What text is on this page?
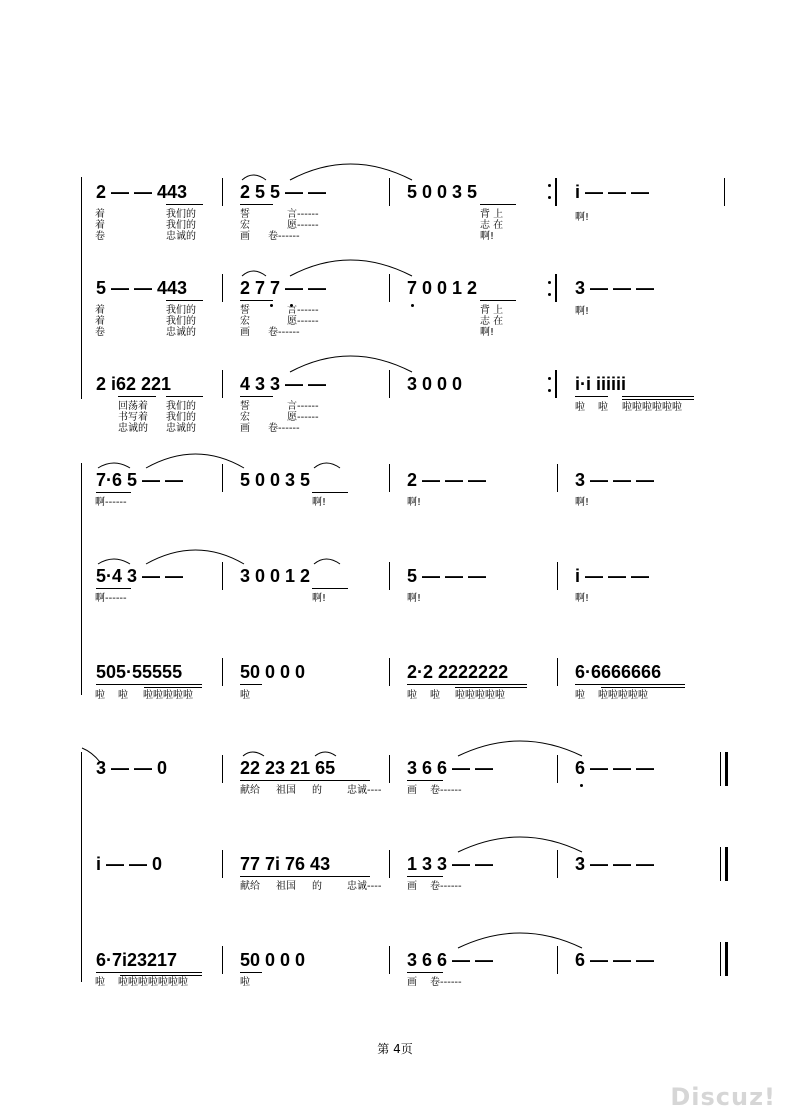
2 — — 443	2 5 5 — —	5 0 0 3 5	i — — —
着	我们的	誓	言------	背 上	啊!
着	我们的	宏	愿------	志 在
卷	忠诚的	画 卷------	啊!
5 — — 443	2 7 7 — —	7 0 0 1 2	3 — — —
着	我们的	誓	言------	背 上	啊!
着	我们的	宏	愿------	志 在
卷	忠诚的	画 卷------	啊!
2 i62 221	4 3 3 — —	3 0 0 0	i·i iiiiii
回荡着 我们的	誓	言------	啦 啦 啦啦啦啦啦啦
书写着 我们的	宏	愿------
忠诚的 忠诚的	画 卷------
7·6 5 — —	5 0 0 3 5	2 — — —	3 — — —
啊------	啊!	啊!	啊!
5·4 3 — —	3 0 0 1 2	5 — — —	i — — —
啊------	啊!	啊!	啊!
505·55555	50 0 0 0	2·2 2222222	6·6666666
啦 啦 啦啦啦啦啦	啦	啦 啦 啦啦啦啦啦	啦 啦啦啦啦啦
3 — — 0	22 23 21 65	3 6 6 — —	6 — — —
献给 祖国 的	忠诚----	画 卷------
i — — 0	77 7i 76 43	1 3 3 — —	3 — — —
献给 祖国 的	忠诚----	画 卷------
6·7i23217	50 0 0 0	3 6 6 — —	6 — — —
啦 啦啦啦啦啦啦啦	啦	画 卷------
第 4页
Discuz!
